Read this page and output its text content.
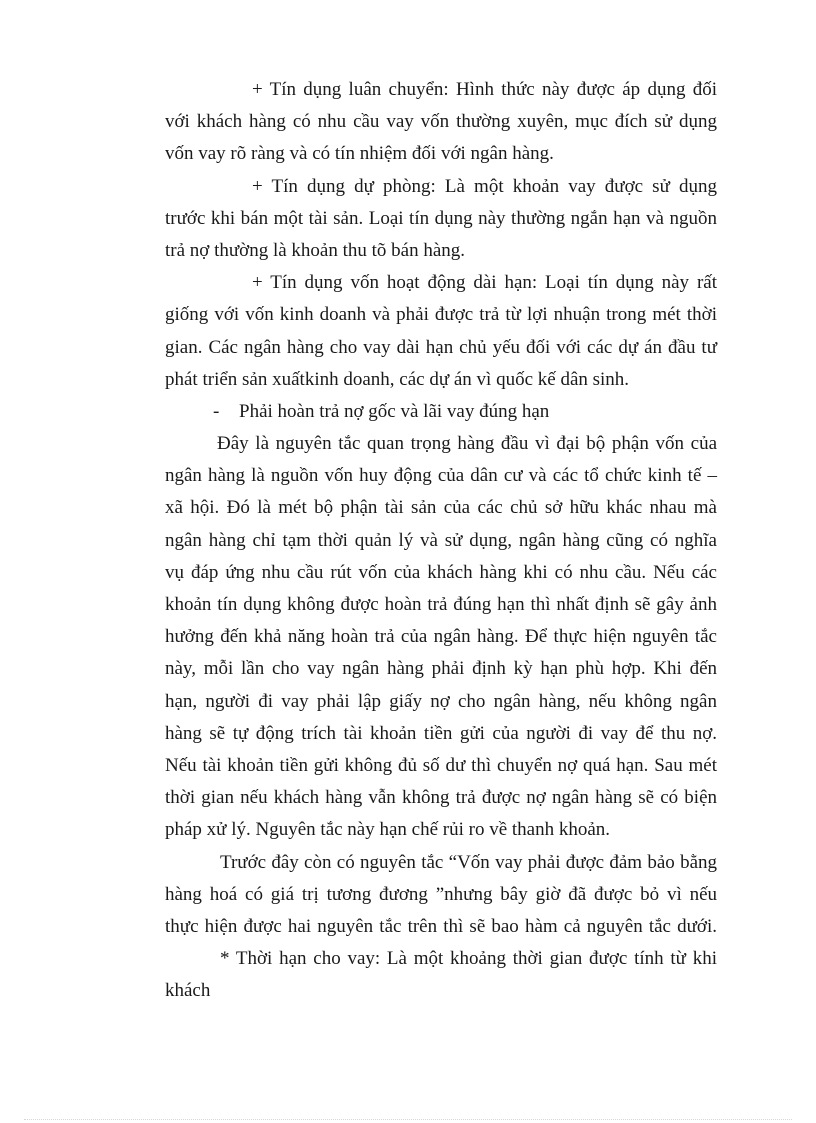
+ Tín dụng luân chuyển: Hình thức này được áp dụng đối
với khách hàng có nhu cầu vay vốn thường xuyên, mục đích sử dụng
vốn vay rõ ràng và có tín nhiệm đối với ngân hàng.
+ Tín dụng dự phòng: Là một khoản vay được sử dụng
trước khi bán một tài sản. Loại tín dụng này thường ngắn hạn và nguồn
trả nợ thường là khoản thu tõ bán hàng.
+ Tín dụng vốn hoạt động dài hạn: Loại tín dụng này rất
giống với vốn kinh doanh và phải được trả từ lợi nhuận trong mét thời
gian. Các ngân hàng cho vay dài hạn chủ yếu đối với các dự án đầu tư
phát triển sản xuấtkinh doanh, các dự án vì quốc kế dân sinh.
- Phải hoàn trả nợ gốc và lãi vay đúng hạn
Đây là nguyên tắc quan trọng hàng đầu vì đại bộ phận vốn của
ngân hàng là nguồn vốn huy động của dân cư và các tổ chức kinh tế –
xã hội. Đó là mét bộ phận tài sản của các chủ sở hữu khác nhau mà
ngân hàng chỉ tạm thời quản lý và sử dụng, ngân hàng cũng có nghĩa
vụ đáp ứng nhu cầu rút vốn của khách hàng khi có nhu cầu. Nếu các
khoản tín dụng không được hoàn trả đúng hạn thì nhất định sẽ gây ảnh
hưởng đến khả năng hoàn trả của ngân hàng. Để thực hiện nguyên tắc
này, mỗi lần cho vay ngân hàng phải định kỳ hạn phù hợp. Khi đến
hạn, người đi vay phải lập giấy nợ cho ngân hàng, nếu không ngân
hàng sẽ tự động trích tài khoản tiền gửi của người đi vay để thu nợ.
Nếu tài khoản tiền gửi không đủ số dư thì chuyển nợ quá hạn. Sau mét
thời gian nếu khách hàng vẫn không trả được nợ ngân hàng sẽ có biện
pháp xử lý. Nguyên tắc này hạn chế rủi ro về thanh khoản.
Trước đây còn có nguyên tắc “Vốn vay phải được đảm bảo bằng
hàng hoá có giá trị tương đương ”nhưng bây giờ đã được bỏ vì nếu
thực hiện được hai nguyên tắc trên thì sẽ bao hàm cả nguyên tắc dưới.
* Thời hạn cho vay: Là một khoảng thời gian được tính từ khi
khách
